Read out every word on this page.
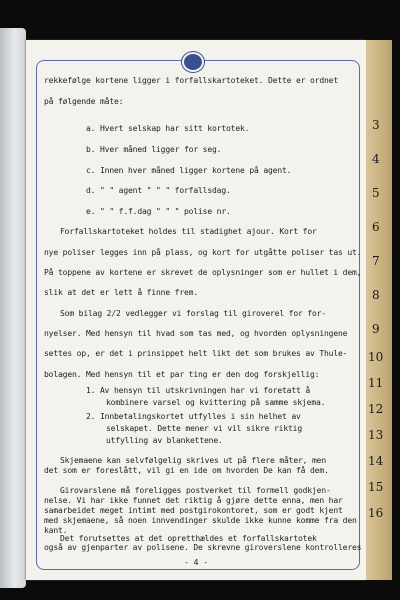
rekkefølge kortene ligger i forfallskartoteket. Dette er ordnet
på følgende måte:
a. Hvert selskap har sitt kortotek.
b. Hver måned ligger for seg.
c. Innen hver måned ligger kortene på agent.
d. " " agent " " " forfallsdag.
e. " " f.f.dag " " " polise nr.
Forfallskartoteket holdes til stadighet ajour. Kort for
nye poliser legges inn på plass, og kort for utgåtte poliser tas ut.
På toppene av kortene er skrevet de oplysninger som er hullet i dem,
slik at det er lett å finne frem.
Som bilag 2/2 vedlegger vi forslag til giroverel for for-
nyelser. Med hensyn til hvad som tas med, og hvorden oplysningene
settes op, er det i prinsippet helt likt det som brukes av Thule-
bolagen. Med hensyn til et par ting er den dog forskjellig:
1. Av hensyn til utskrivningen har vi foretatt å
kombinere varsel og kvittering på samme skjema.
2. Innbetalingskortet utfylles i sin helhet av
selskapet. Dette mener vi vil sikre riktig
utfylling av blankettene.
Skjemaene kan selvfølgelig skrives ut på flere måter, men
det som er foreslått, vil gi en ide om hvorden De kan få dem.
Girovarslene må foreligges postverket til formell godkjen-
- 4 -
nelse. Vi har ikke funnet det riktig å gjøre dette enna, men har
samarbeidet meget intimt med postgirokontoret, som er godt kjent
med skjemaene, så noen innvendinger skulde ikke kunne komme fra den
kant.
Det forutsettes at det opretthældes et forfallskartotek
også av gjenparter av polisene. De skrevne giroverslene kontrolleres
3
4
5
6
7
8
9
10
11
12
13
14
15
16
